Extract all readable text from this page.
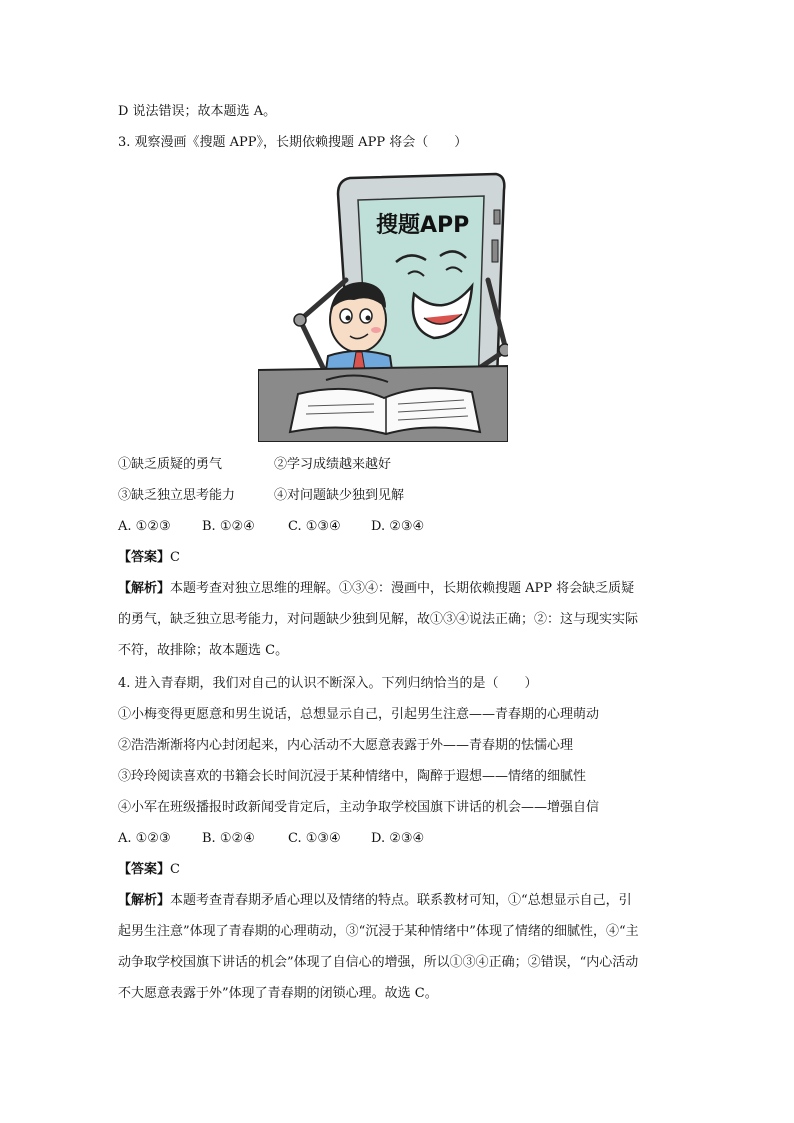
D 说法错误；故本题选 A。
3. 观察漫画《搜题 APP》，长期依赖搜题 APP 将会（　　）
搜题APP
①缺乏质疑的勇气	②学习成绩越来越好
③缺乏独立思考能力	④对问题缺少独到见解
A. ①②③ B. ①②④	C. ①③④ D. ②③④
【答案】C
【解析】本题考查对独立思维的理解。①③④：漫画中，长期依赖搜题 APP 将会缺乏质疑
的勇气，缺乏独立思考能力，对问题缺少独到见解，故①③④说法正确；②：这与现实实际
不符，故排除；故本题选 C。
4. 进入青春期，我们对自己的认识不断深入。下列归纳恰当的是（　　）
①小梅变得更愿意和男生说话，总想显示自己，引起男生注意——青春期的心理萌动
②浩浩渐渐将内心封闭起来，内心活动不大愿意表露于外——青春期的怯懦心理
③玲玲阅读喜欢的书籍会长时间沉浸于某种情绪中，陶醉于遐想——情绪的细腻性
④小军在班级播报时政新闻受肯定后，主动争取学校国旗下讲话的机会——增强自信
A. ①②③ B. ①②④	C. ①③④ D. ②③④
【答案】C
【解析】本题考查青春期矛盾心理以及情绪的特点。联系教材可知，①“总想显示自己，引
起男生注意”体现了青春期的心理萌动，③“沉浸于某种情绪中”体现了情绪的细腻性，④“主
动争取学校国旗下讲话的机会”体现了自信心的增强，所以①③④正确；②错误，“内心活动
不大愿意表露于外”体现了青春期的闭锁心理。故选 C。
